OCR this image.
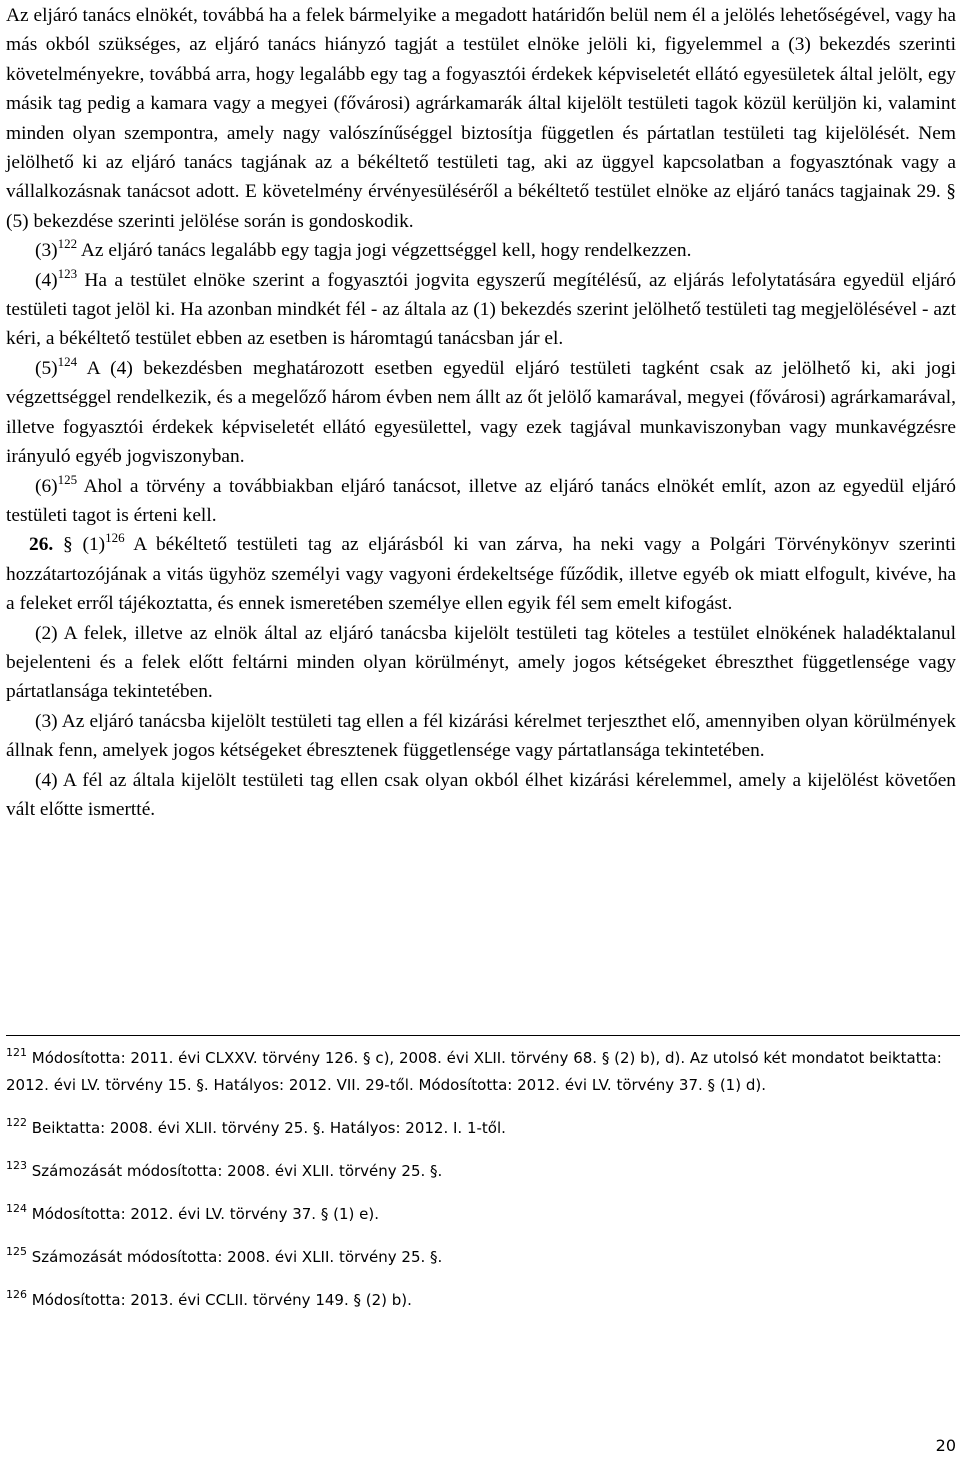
Az eljáró tanács elnökét, továbbá ha a felek bármelyike a megadott határidőn belül nem él a jelölés lehetőségével, vagy ha más okból szükséges, az eljáró tanács hiányzó tagját a testület elnöke jelöli ki, figyelemmel a (3) bekezdés szerinti követelményekre, továbbá arra, hogy legalább egy tag a fogyasztói érdekek képviseletét ellátó egyesületek által jelölt, egy másik tag pedig a kamara vagy a megyei (fővárosi) agrárkamarák által kijelölt testületi tagok közül kerüljön ki, valamint minden olyan szempontra, amely nagy valószínűséggel biztosítja független és pártatlan testületi tag kijelölését. Nem jelölhető ki az eljáró tanács tagjának az a békéltető testületi tag, aki az üggyel kapcsolatban a fogyasztónak vagy a vállalkozásnak tanácsot adott. E követelmény érvényesüléséről a békéltető testület elnöke az eljáró tanács tagjainak 29. § (5) bekezdése szerinti jelölése során is gondoskodik.

$(3)^{122}$ Az eljáró tanács legalább egy tagja jogi végzettséggel kell, hogy rendelkezzen.

$(4)^{123}$ Ha a testület elnöke szerint a fogyasztói jogvita egyszerű megítélésű, az eljárás lefolytatására egyedül eljáró testületi tagot jelöl ki. Ha azonban mindkét fél - az általa az (1) bekezdés szerint jelölhető testületi tag megjelölésével - azt kéri, a békéltető testület ebben az esetben is háromtagú tanácsban jár el.

$(5)^{124}$ A (4) bekezdésben meghatározott esetben egyedül eljáró testületi tagként csak az jelölhető ki, aki jogi végzettséggel rendelkezik, és a megelőző három évben nem állt az őt jelölő kamarával, megyei (fővárosi) agrárkamarával, illetve fogyasztói érdekek képviseletét ellátó egyesülettel, vagy ezek tagjával munkaviszonyban vagy munkavégzésre irányuló egyéb jogviszonyban.

$(6)^{125}$ Ahol a törvény a továbbiakban eljáró tanácsot, illetve az eljáró tanács elnökét említ, azon az egyedül eljáró testületi tagot is érteni kell.

26. § $(1)^{126}$ A békéltető testületi tag az eljárásból ki van zárva, ha neki vagy a Polgári Törvénykönyv szerinti hozzátartozójának a vitás ügyhöz személyi vagy vagyoni érdekeltsége fűződik, illetve egyéb ok miatt elfogult, kivéve, ha a feleket erről tájékoztatta, és ennek ismeretében személye ellen egyik fél sem emelt kifogást.

(2) A felek, illetve az elnök által az eljáró tanácsba kijelölt testületi tag köteles a testület elnökének haladéktalanul bejelenteni és a felek előtt feltárni minden olyan körülményt, amely jogos kétségeket ébreszthet függetlensége vagy pártatlansága tekintetében.

(3) Az eljáró tanácsba kijelölt testületi tag ellen a fél kizárási kérelmet terjeszthet elő, amennyiben olyan körülmények állnak fenn, amelyek jogos kétségeket ébresztenek függetlensége vagy pártatlansága tekintetében.

(4) A fél az általa kijelölt testületi tag ellen csak olyan okból élhet kizárási kérelemmel, amely a kijelölést követően vált előtte ismertté.

$^{121}$ Módosította: 2011. évi CLXXV. törvény 126. § c), 2008. évi XLII. törvény 68. § (2) b), d). Az utolsó két mondatot beiktatta: 2012. évi LV. törvény 15. §. Hatályos: 2012. VII. 29-től. Módosította: 2012. évi LV. törvény 37. § (1) d).

$^{122}$ Beiktatta: 2008. évi XLII. törvény 25. §. Hatályos: 2012. I. 1-től.

$^{123}$ Számozását módosította: 2008. évi XLII. törvény 25. §.

$^{124}$ Módosította: 2012. évi LV. törvény 37. § (1) e).

$^{125}$ Számozását módosította: 2008. évi XLII. törvény 25. §.

$^{126}$ Módosította: 2013. évi CCLII. törvény 149. § (2) b).

20
